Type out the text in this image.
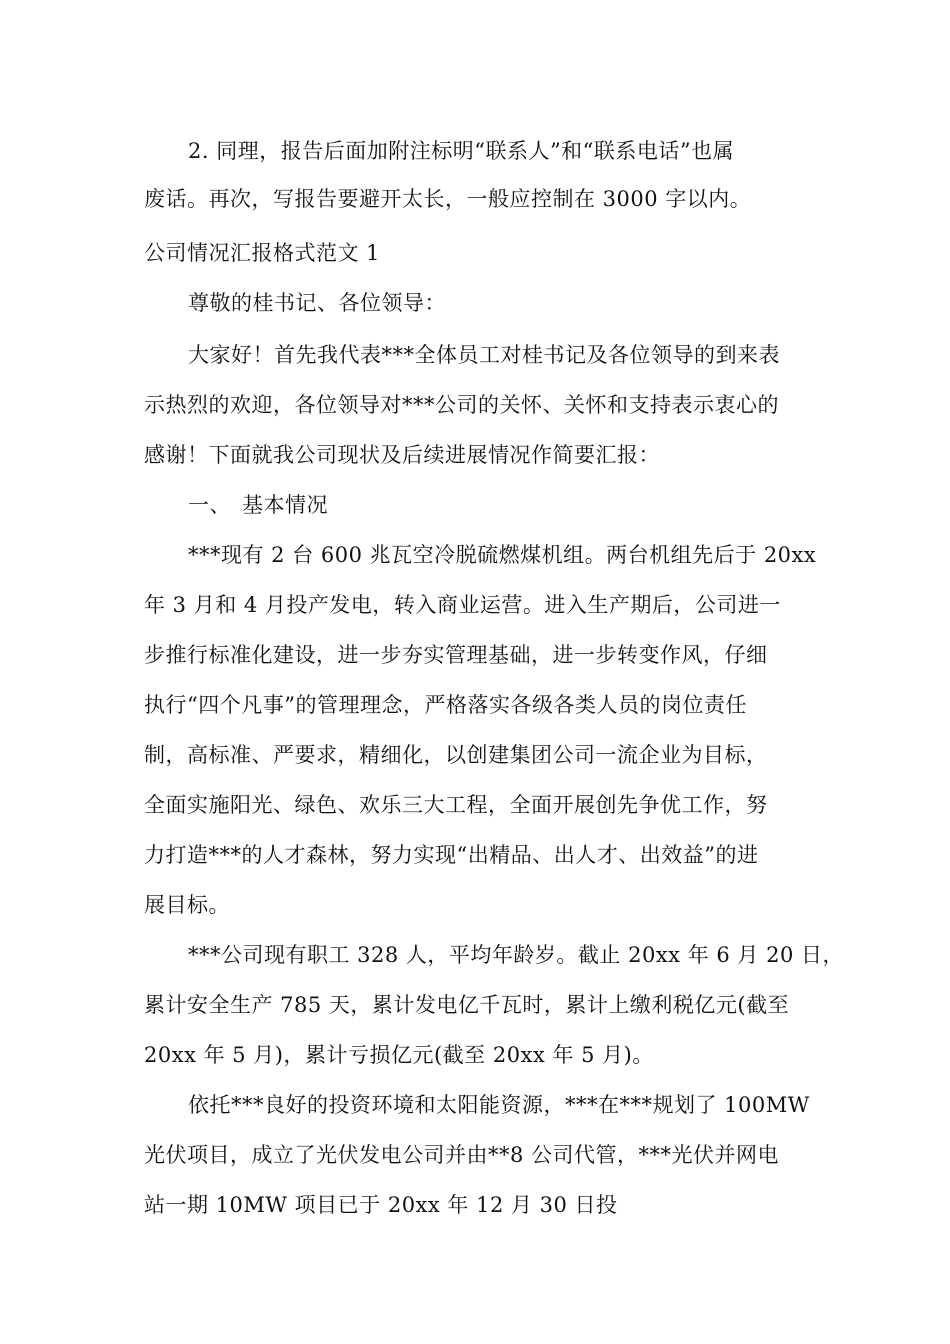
2. 同理，报告后面加附注标明“联系人”和“联系电话”也属
废话。再次，写报告要避开太长，一般应控制在 3000 字以内。
公司情况汇报格式范文 1
尊敬的桂书记、各位领导：
大家好！首先我代表***全体员工对桂书记及各位领导的到来表
示热烈的欢迎，各位领导对***公司的关怀、关怀和支持表示衷心的
感谢！下面就我公司现状及后续进展情况作简要汇报：
一、　基本情况
***现有 2 台 600 兆瓦空冷脱硫燃煤机组。两台机组先后于 20xx
年 3 月和 4 月投产发电，转入商业运营。进入生产期后，公司进一
步推行标准化建设，进一步夯实管理基础，进一步转变作风，仔细
执行“四个凡事”的管理理念，严格落实各级各类人员的岗位责任
制，高标准、严要求，精细化，以创建集团公司一流企业为目标，
全面实施阳光、绿色、欢乐三大工程，全面开展创先争优工作，努
力打造***的人才森林，努力实现“出精品、出人才、出效益”的进
展目标。
***公司现有职工 328 人，平均年龄岁。截止 20xx 年 6 月 20 日，
累计安全生产 785 天，累计发电亿千瓦时，累计上缴利税亿元(截至
20xx 年 5 月)，累计亏损亿元(截至 20xx 年 5 月)。
依托***良好的投资环境和太阳能资源，***在***规划了 100MW
光伏项目，成立了光伏发电公司并由**8 公司代管，***光伏并网电
站一期 10MW 项目已于 20xx 年 12 月 30 日投
